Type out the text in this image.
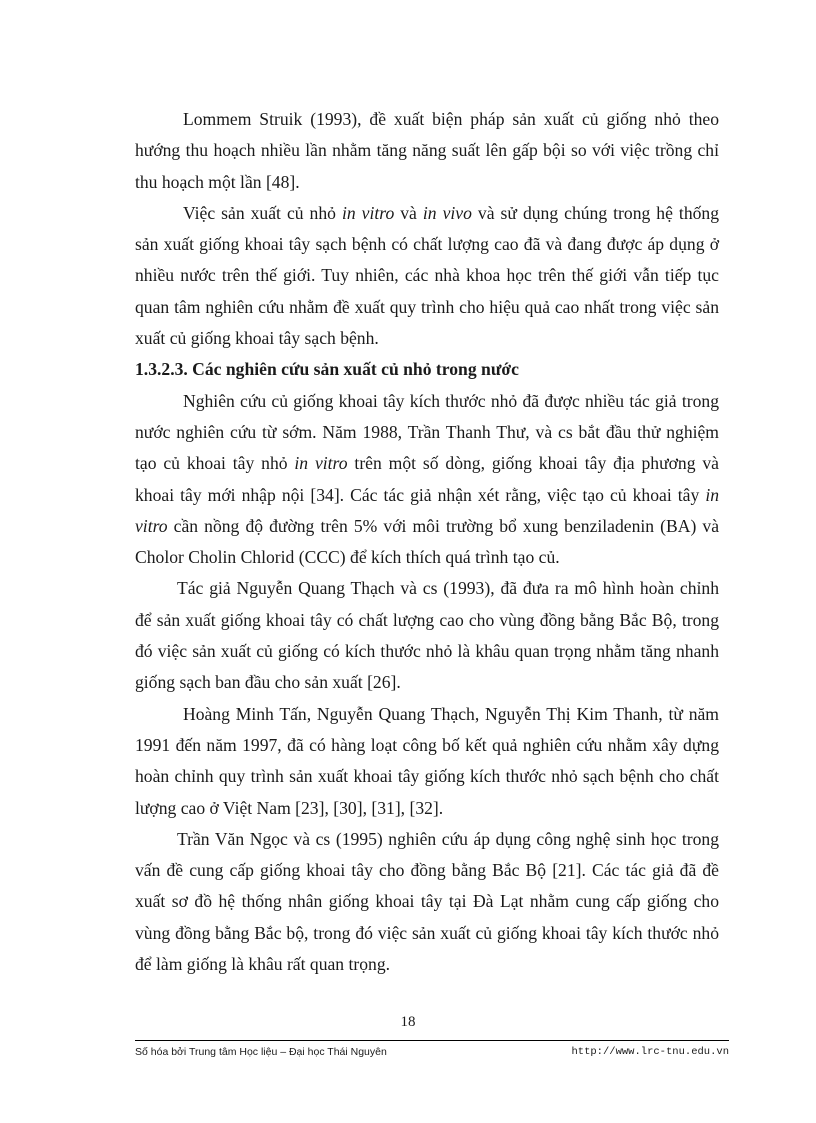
Lommem Struik (1993), đề xuất biện pháp sản xuất củ giống nhỏ theo hướng thu hoạch nhiều lần nhằm tăng năng suất lên gấp bội so với việc trồng chỉ thu hoạch một lần [48].

Việc sản xuất củ nhỏ in vitro và in vivo và sử dụng chúng trong hệ thống sản xuất giống khoai tây sạch bệnh có chất lượng cao đã và đang được áp dụng ở nhiều nước trên thế giới. Tuy nhiên, các nhà khoa học trên thế giới vẫn tiếp tục quan tâm nghiên cứu nhằm đề xuất quy trình cho hiệu quả cao nhất trong việc sản xuất củ giống khoai tây sạch bệnh.

1.3.2.3. Các nghiên cứu sản xuất củ nhỏ trong nước

Nghiên cứu củ giống khoai tây kích thước nhỏ đã được nhiều tác giả trong nước nghiên cứu từ sớm. Năm 1988, Trần Thanh Thư, và cs bắt đầu thử nghiệm tạo củ khoai tây nhỏ in vitro trên một số dòng, giống khoai tây địa phương và khoai tây mới nhập nội [34]. Các tác giả nhận xét rằng, việc tạo củ khoai tây in vitro cần nồng độ đường trên 5% với môi trường bổ xung benziladenin (BA) và Cholor Cholin Chlorid (CCC) để kích thích quá trình tạo củ.

Tác giả Nguyễn Quang Thạch và cs (1993), đã đưa ra mô hình hoàn chỉnh để sản xuất giống khoai tây có chất lượng cao cho vùng đồng bằng Bắc Bộ, trong đó việc sản xuất củ giống có kích thước nhỏ là khâu quan trọng nhằm tăng nhanh giống sạch ban đầu cho sản xuất [26].

Hoàng Minh Tấn, Nguyễn Quang Thạch, Nguyễn Thị Kim Thanh, từ năm 1991 đến năm 1997, đã có hàng loạt công bố kết quả nghiên cứu nhằm xây dựng hoàn chỉnh quy trình sản xuất khoai tây giống kích thước nhỏ sạch bệnh cho chất lượng cao ở Việt Nam [23], [30], [31], [32].

Trần Văn Ngọc và cs (1995) nghiên cứu áp dụng công nghệ sinh học trong vấn đề cung cấp giống khoai tây cho đồng bằng Bắc Bộ [21]. Các tác giả đã đề xuất sơ đồ hệ thống nhân giống khoai tây tại Đà Lạt nhằm cung cấp giống cho vùng đồng bằng Bắc bộ, trong đó việc sản xuất củ giống khoai tây kích thước nhỏ để làm giống là khâu rất quan trọng.

18
Số hóa bởi Trung tâm Học liệu – Đại học Thái Nguyên	http://www.lrc-tnu.edu.vn
